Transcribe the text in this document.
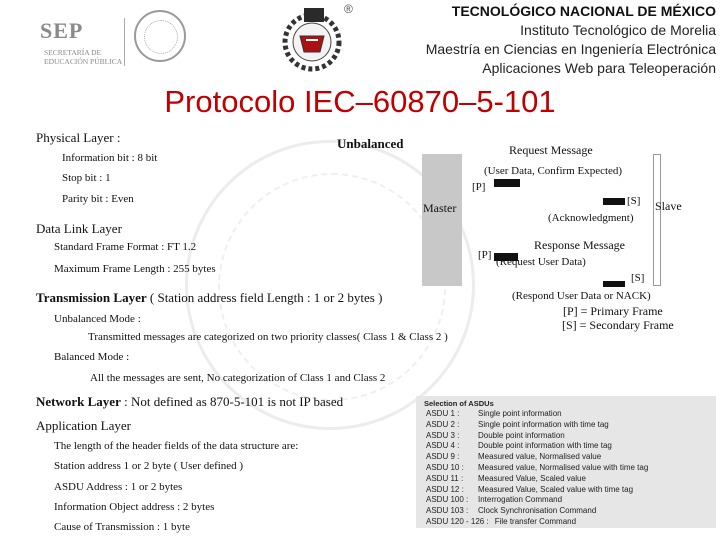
SEP
SECRETARÍA DE
EDUCACIÓN PÚBLICA
®	TECNOLÓGICO NACIONAL DE MÉXICO
Instituto Tecnológico de Morelia
Maestría en Ciencias en Ingeniería Electrónica
Aplicaciones Web para Teleoperación
Protocolo IEC–60870–5-101
Physical Layer :
Information bit : 8 bit
Stop bit : 1
Parity bit : Even
Unbalanced	Request Message
(User Data, Confirm Expected)
[P]
Master	Slave
[S]
(Acknowledgment)
Response Message
[P]
(Request User Data)
[S]
(Respond User Data or NACK)
[P] = Primary Frame
[S] = Secondary Frame
Data Link Layer
Standard Frame Format : FT 1.2
Maximum Frame Length : 255 bytes
Transmission Layer ( Station address field Length : 1 or 2 bytes )
Unbalanced Mode :
Transmitted messages are categorized on two priority classes( Class 1 & Class 2 )
Balanced Mode :
All the messages are sent, No categorization of Class 1 and Class 2
Network Layer : Not defined as 870-5-101 is not IP based
Application Layer
The length of the header fields of the data structure are:
Station address 1 or 2 byte ( User defined )
ASDU Address : 1 or 2 bytes
Information Object address : 2 bytes
Cause of Transmission : 1 byte
Selection of ASDUs
ASDU 1 : Single point information
ASDU 2 : Single point information with time tag
ASDU 3 : Double point information
ASDU 4 : Double point information with time tag
ASDU 9 : Measured value, Normalised value
ASDU 10 : Measured value, Normalised value with time tag
ASDU 11 : Measured Value, Scaled value
ASDU 12 : Measured Value, Scaled value with time tag
ASDU 100 : Interrogation Command
ASDU 103 : Clock Synchronisation Command
ASDU 120 - 126 : File transfer Command
